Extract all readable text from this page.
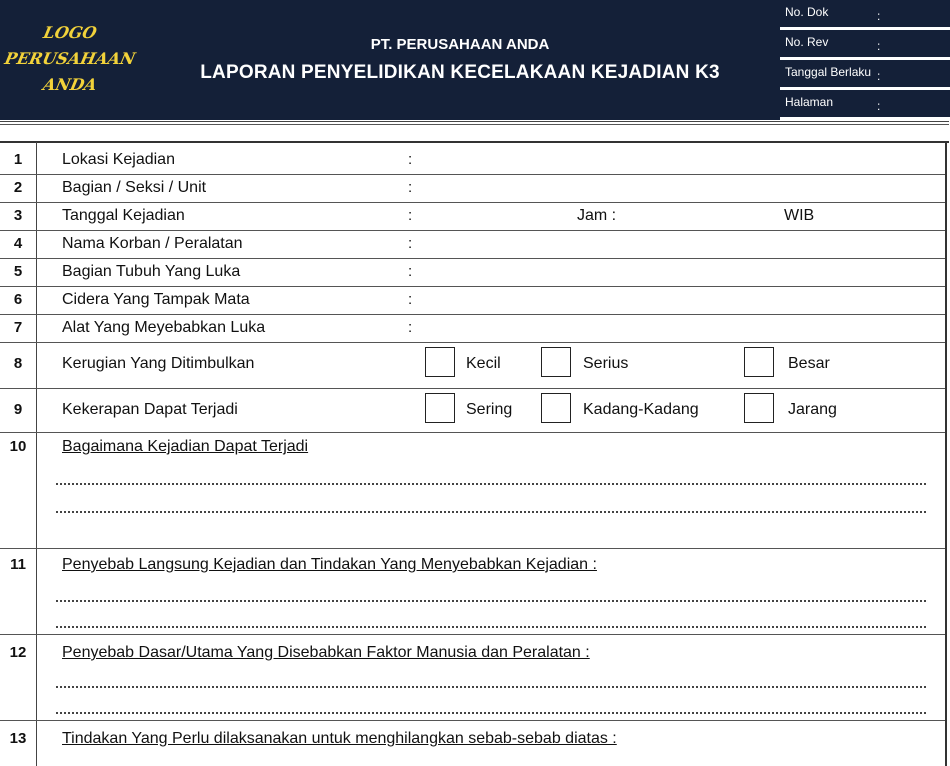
LOGO
PERUSAHAAN
ANDA
PT. PERUSAHAAN ANDA
LAPORAN PENYELIDIKAN KECELAKAAN KEJADIAN K3
No. Dok	:
No. Rev	:
Tanggal Berlaku :
Halaman	:
1	Lokasi Kejadian	:
2	Bagian / Seksi / Unit	:
3	Tanggal Kejadian	:	Jam :	WIB
4	Nama Korban / Peralatan	:
5	Bagian Tubuh Yang Luka	:
6	Cidera Yang Tampak Mata	:
7	Alat Yang Meyebabkan Luka	:
8	Kerugian Yang Ditimbulkan	Kecil	Serius	Besar
9	Kekerapan Dapat Terjadi	Sering	Kadang-Kadang	Jarang
10	Bagaimana Kejadian Dapat Terjadi
11	Penyebab Langsung Kejadian dan Tindakan Yang Menyebabkan Kejadian :
12	Penyebab Dasar/Utama Yang Disebabkan Faktor Manusia dan Peralatan :
13	Tindakan Yang Perlu dilaksanakan untuk menghilangkan sebab-sebab diatas :
